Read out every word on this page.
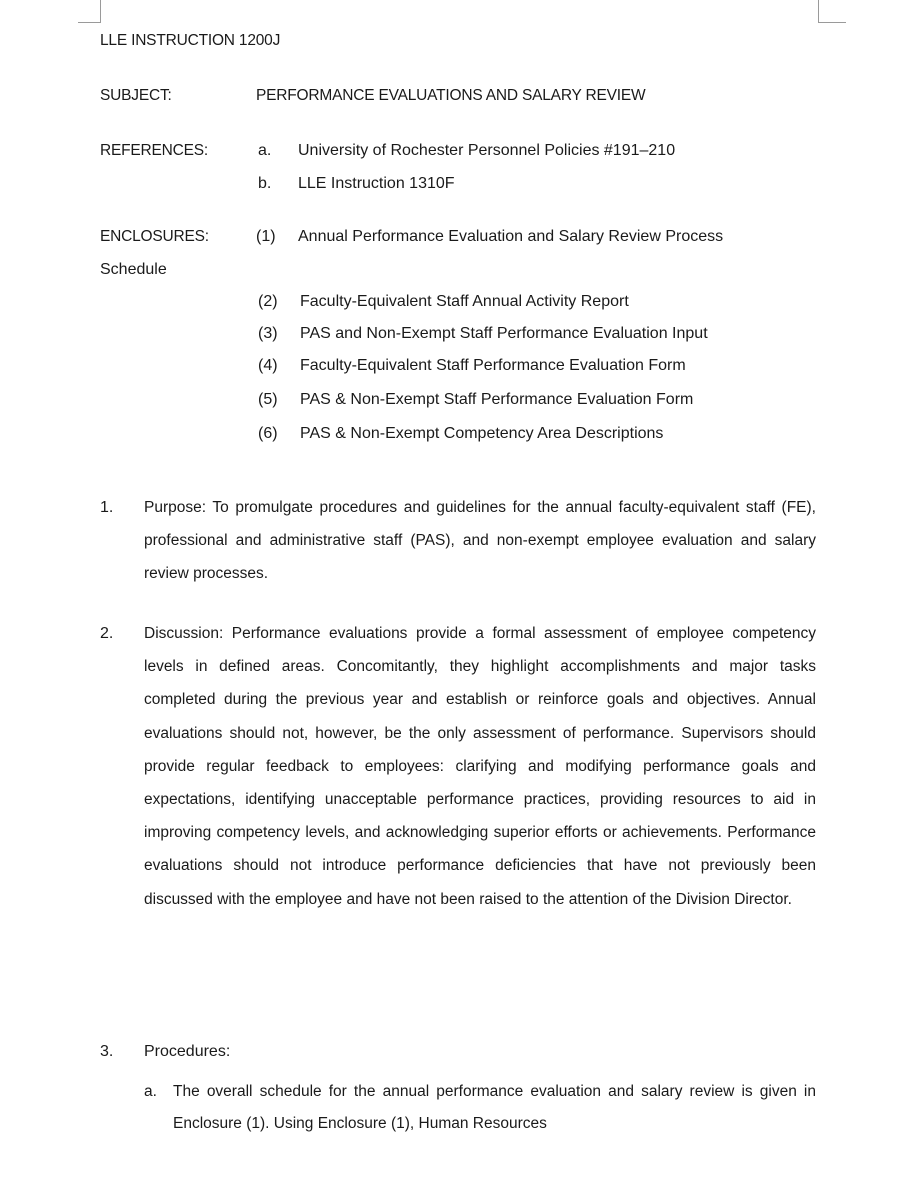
LLE INSTRUCTION 1200J
SUBJECT:	PERFORMANCE EVALUATIONS AND SALARY REVIEW
REFERENCES:	a. University of Rochester Personnel Policies #191–210
b. LLE Instruction 1310F
ENCLOSURES:	(1) Annual Performance Evaluation and Salary Review Process
Schedule
(2) Faculty-Equivalent Staff Annual Activity Report
(3) PAS and Non-Exempt Staff Performance Evaluation Input
(4) Faculty-Equivalent Staff Performance Evaluation Form
(5) PAS & Non-Exempt Staff Performance Evaluation Form
(6) PAS & Non-Exempt Competency Area Descriptions
1. Purpose: To promulgate procedures and guidelines for the annual faculty-equivalent staff (FE), professional and administrative staff (PAS), and non-exempt employee evaluation and salary review processes.
2. Discussion: Performance evaluations provide a formal assessment of employee competency levels in defined areas. Concomitantly, they highlight accomplishments and major tasks completed during the previous year and establish or reinforce goals and objectives. Annual evaluations should not, however, be the only assessment of performance. Supervisors should provide regular feedback to employees: clarifying and modifying performance goals and expectations, identifying unacceptable performance practices, providing resources to aid in improving competency levels, and acknowledging superior efforts or achievements. Performance evaluations should not introduce performance deficiencies that have not previously been discussed with the employee and have not been raised to the attention of the Division Director.
3. Procedures:
a. The overall schedule for the annual performance evaluation and salary review is given in Enclosure (1). Using Enclosure (1), Human Resources
